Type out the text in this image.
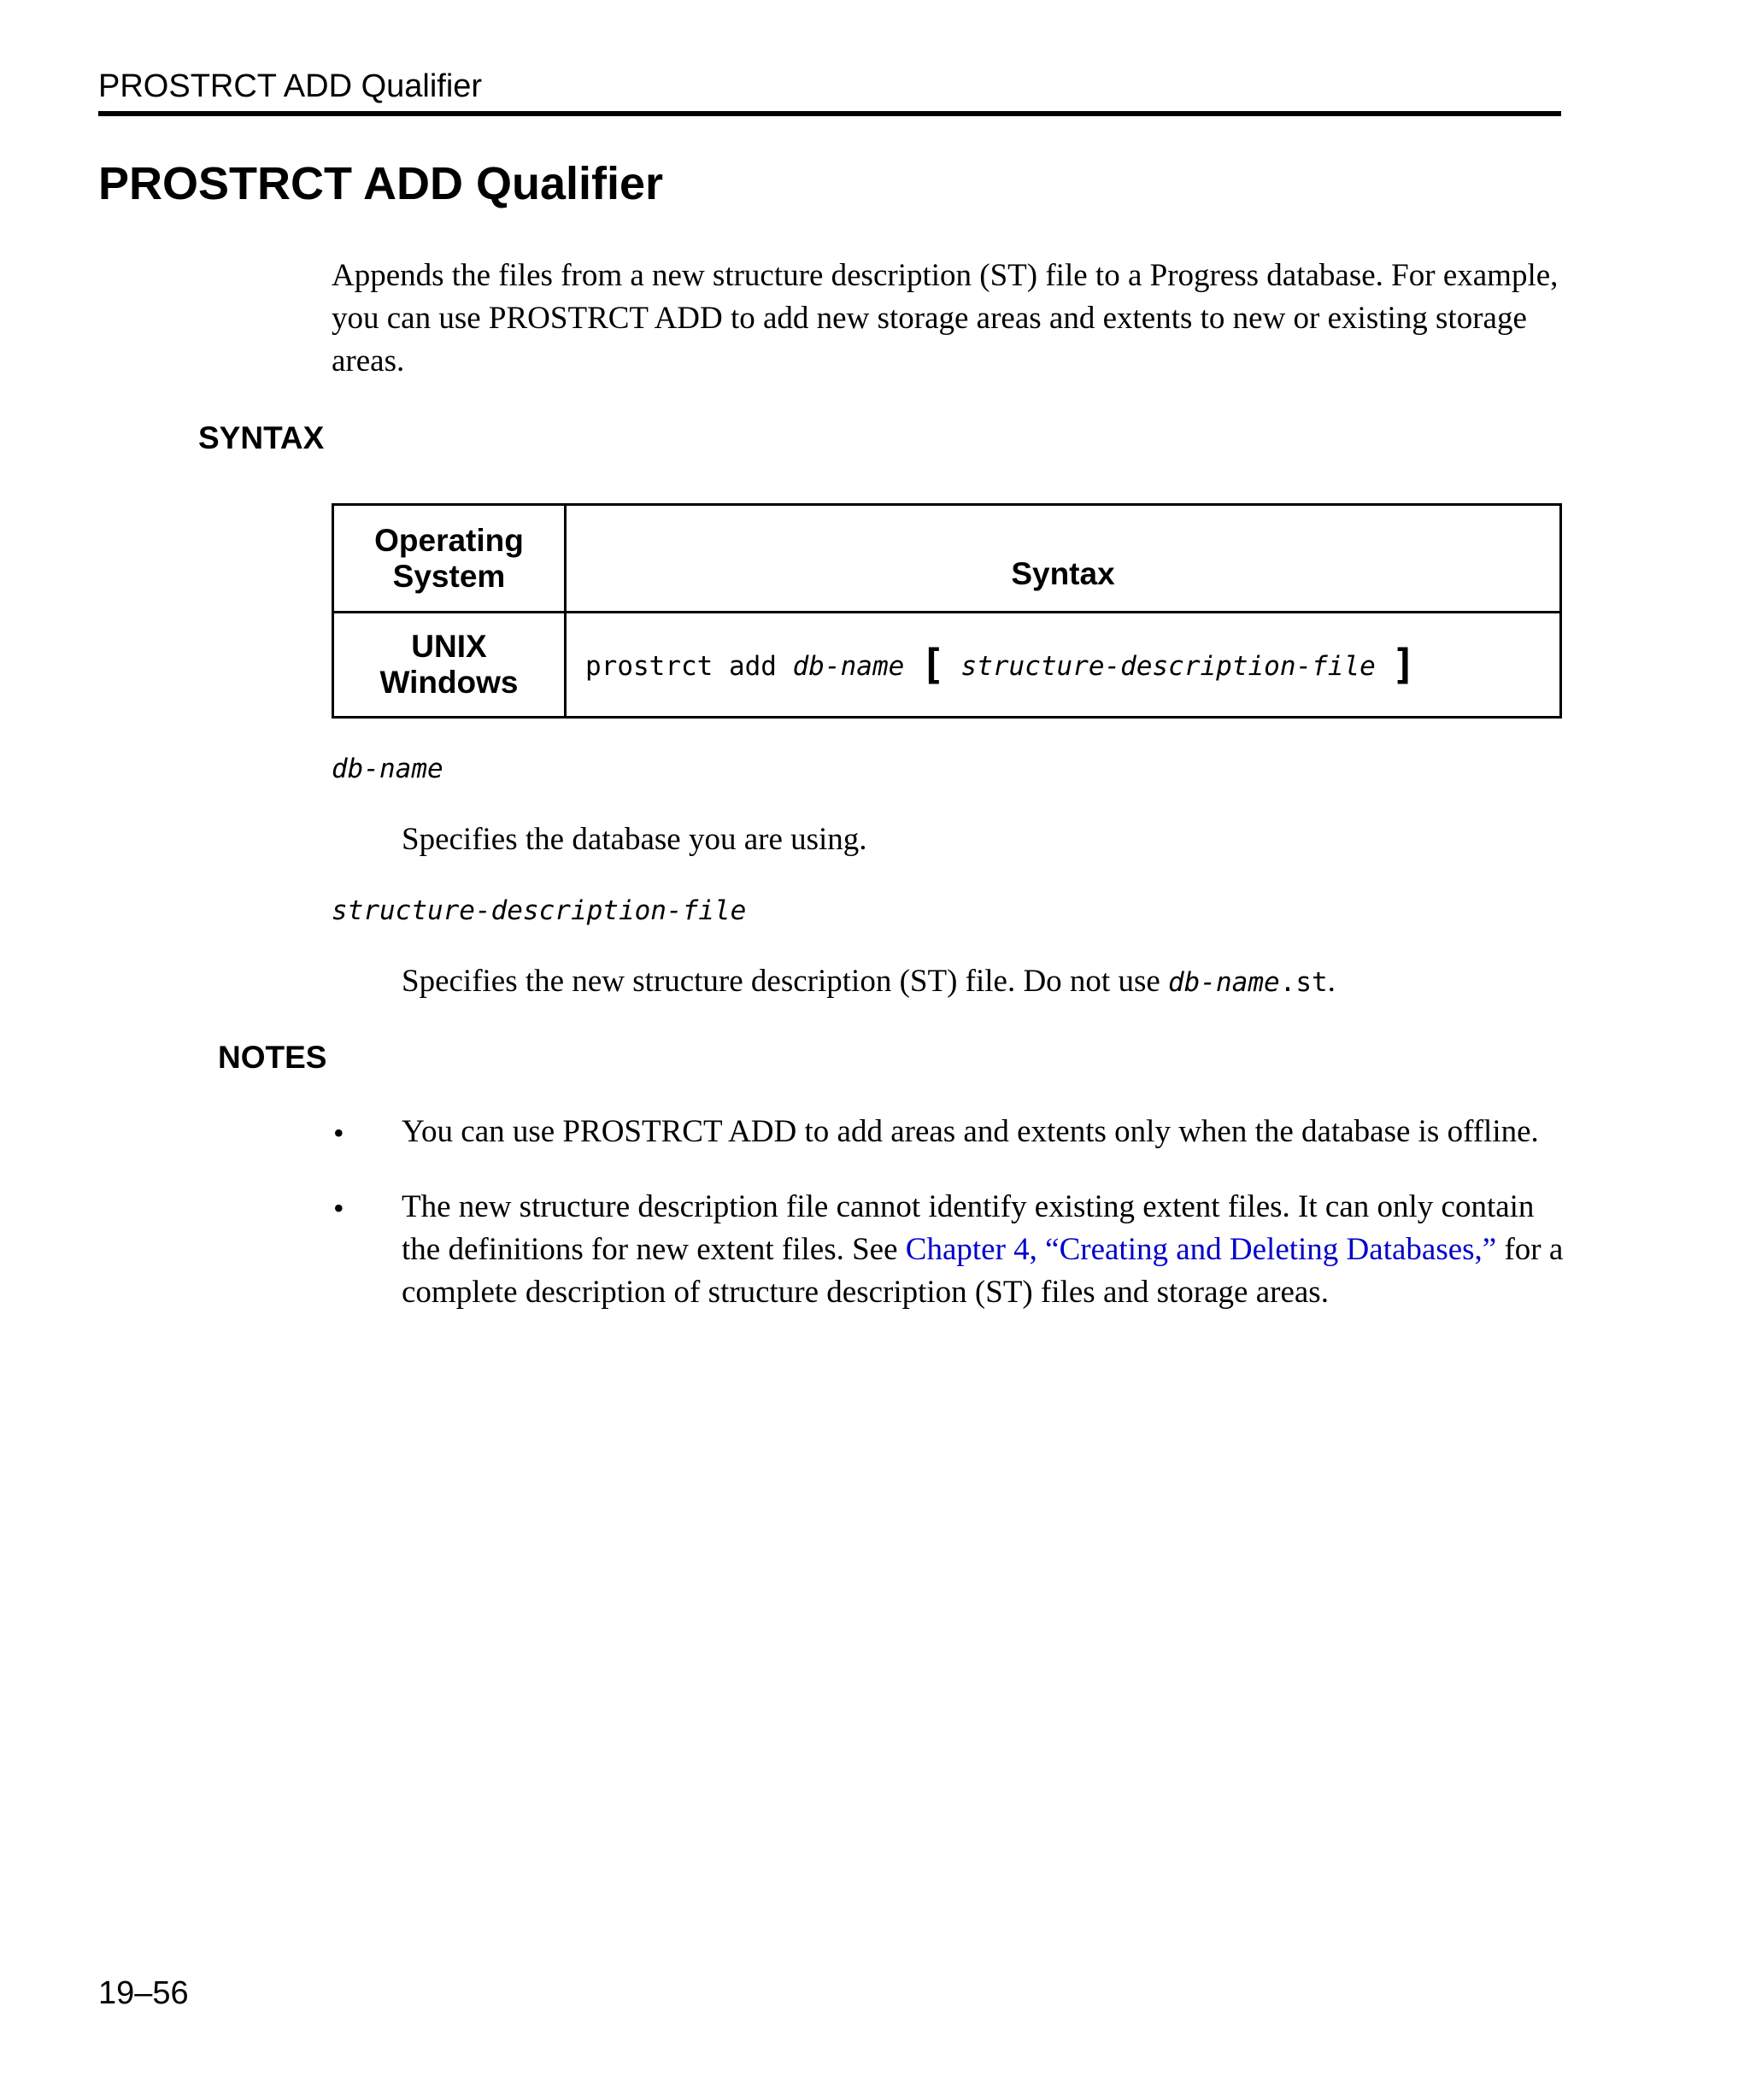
PROSTRCT ADD Qualifier
PROSTRCT ADD Qualifier

Appends the files from a new structure description (ST) file to a Progress database. For example, you can use PROSTRCT ADD to add new storage areas and extents to new or existing storage areas.

SYNTAX
Operating
System	Syntax
UNIX
Windows	prostrct add db-name [ structure-description-file ]
db-name
Specifies the database you are using.
structure-description-file
Specifies the new structure description (ST) file. Do not use db-name.st.
NOTES
• You can use PROSTRCT ADD to add areas and extents only when the database is offline.
• The new structure description file cannot identify existing extent files. It can only contain the definitions for new extent files. See Chapter 4, “Creating and Deleting Databases,” for a complete description of structure description (ST) files and storage areas.
19–56
